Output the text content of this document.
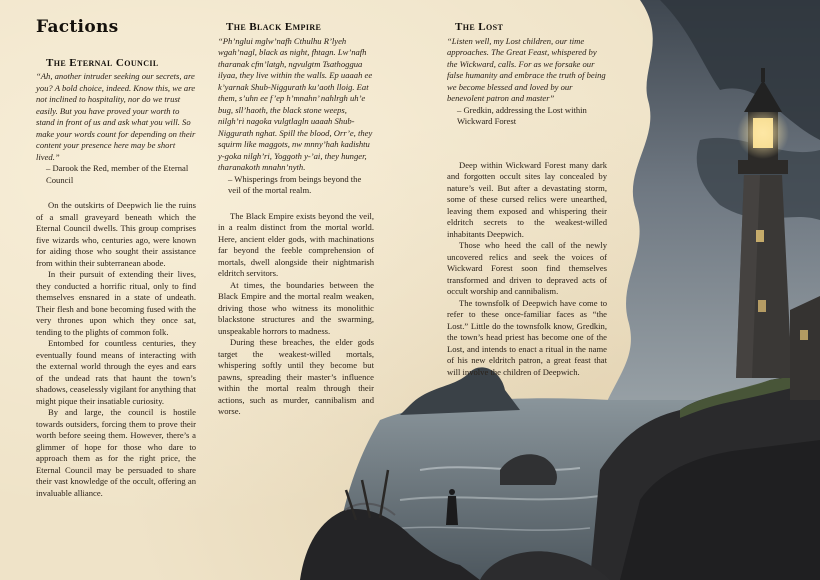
Factions
The Eternal Council

“Ah, another intruder seeking our secrets, are you? A bold choice, indeed. Know this, we are not inclined to hospitality, nor do we trust easily. But you have proved your worth to stand in front of us and ask what you will. So make your words count for depending on their content your presence here may be short lived.”

– Darook the Red, member of the Eternal Council

On the outskirts of Deepwich lie the ruins of a small graveyard beneath which the Eternal Council dwells. This group comprises five wizards who, centuries ago, were known for aiding those who sought their assistance from within their subterranean abode.

In their pursuit of extending their lives, they conducted a horrific ritual, only to find themselves ensnared in a state of undeath. Their flesh and bone becoming fused with the very thrones upon which they once sat, tending to the plights of common folk.

Entombed for countless centuries, they eventually found means of interacting with the external world through the eyes and ears of the undead rats that haunt the town’s shadows, ceaselessly vigilant for anything that might pique their insatiable curiosity.

By and large, the council is hostile towards outsiders, forcing them to prove their worth before seeing them. However, there’s a glimmer of hope for those who dare to approach them as for the right price, the Eternal Council may be persuaded to share their vast knowledge of the occult, offering an invaluable alliance.

The Black Empire

“Ph’nglui mglw’nafh Cthulhu R’lyeh wgah’nagl, black as night, fhtagn. Lw’nafh tharanak cfm’latgh, ngvulgtm Tsathoggua ilyaa, they live within the walls. Ep uaaah ee k’yarnak Shub-Niggurath ku’aoth lloig. Eat them, s’uhn ee f’ep h’mnahn’ nahlrgh uh’e bug, sll’haoth, the black stone weeps, nilgh’ri nagoka vulgtlagln uaaah Shub-Niggurath nghat. Spill the blood, Orr’e, they squirm like maggots, nw mnny’hah kadishtu y-goka nilgh’ri, Yoggoth y-’ai, they hunger, tharanakoth mnahn’nyth.

– Whisperings from beings beyond the veil of the mortal realm.

The Black Empire exists beyond the veil, in a realm distinct from the mortal world. Here, ancient elder gods, with machinations far beyond the feeble comprehension of mortals, dwell alongside their nightmarish eldritch servitors.

At times, the boundaries between the Black Empire and the mortal realm weaken, driving those who witness its monolithic blackstone structures and the swarming, unspeakable horrors to madness.

During these breaches, the elder gods target the weakest-willed mortals, whispering softly until they become but pawns, spreading their master’s influence within the mortal realm through their actions, such as murder, cannibalism and worse.

The Lost

“Listen well, my Lost children, our time approaches. The Great Feast, whispered by the Wickward, calls. For as we forsake our false humanity and embrace the truth of being we become blessed and loved by our benevolent patron and master”

– Gredkin, addressing the Lost within Wickward Forest

Deep within Wickward Forest many dark and forgotten occult sites lay concealed by nature’s veil. But after a devastating storm, some of these cursed relics were unearthed, leaving them exposed and whispering their eldritch secrets to the weakest-willed inhabitants Deepwich.

Those who heed the call of the newly uncovered relics and seek the voices of Wickward Forest soon find themselves transformed and driven to depraved acts of occult worship and cannibalism.

The townsfolk of Deepwich have come to refer to these once-familiar faces as “the Lost.” Little do the townsfolk know, Gredkin, the town’s head priest has become one of the Lost, and intends to enact a ritual in the name of his new eldritch patron, a great feast that will involve the children of Deepwich.
